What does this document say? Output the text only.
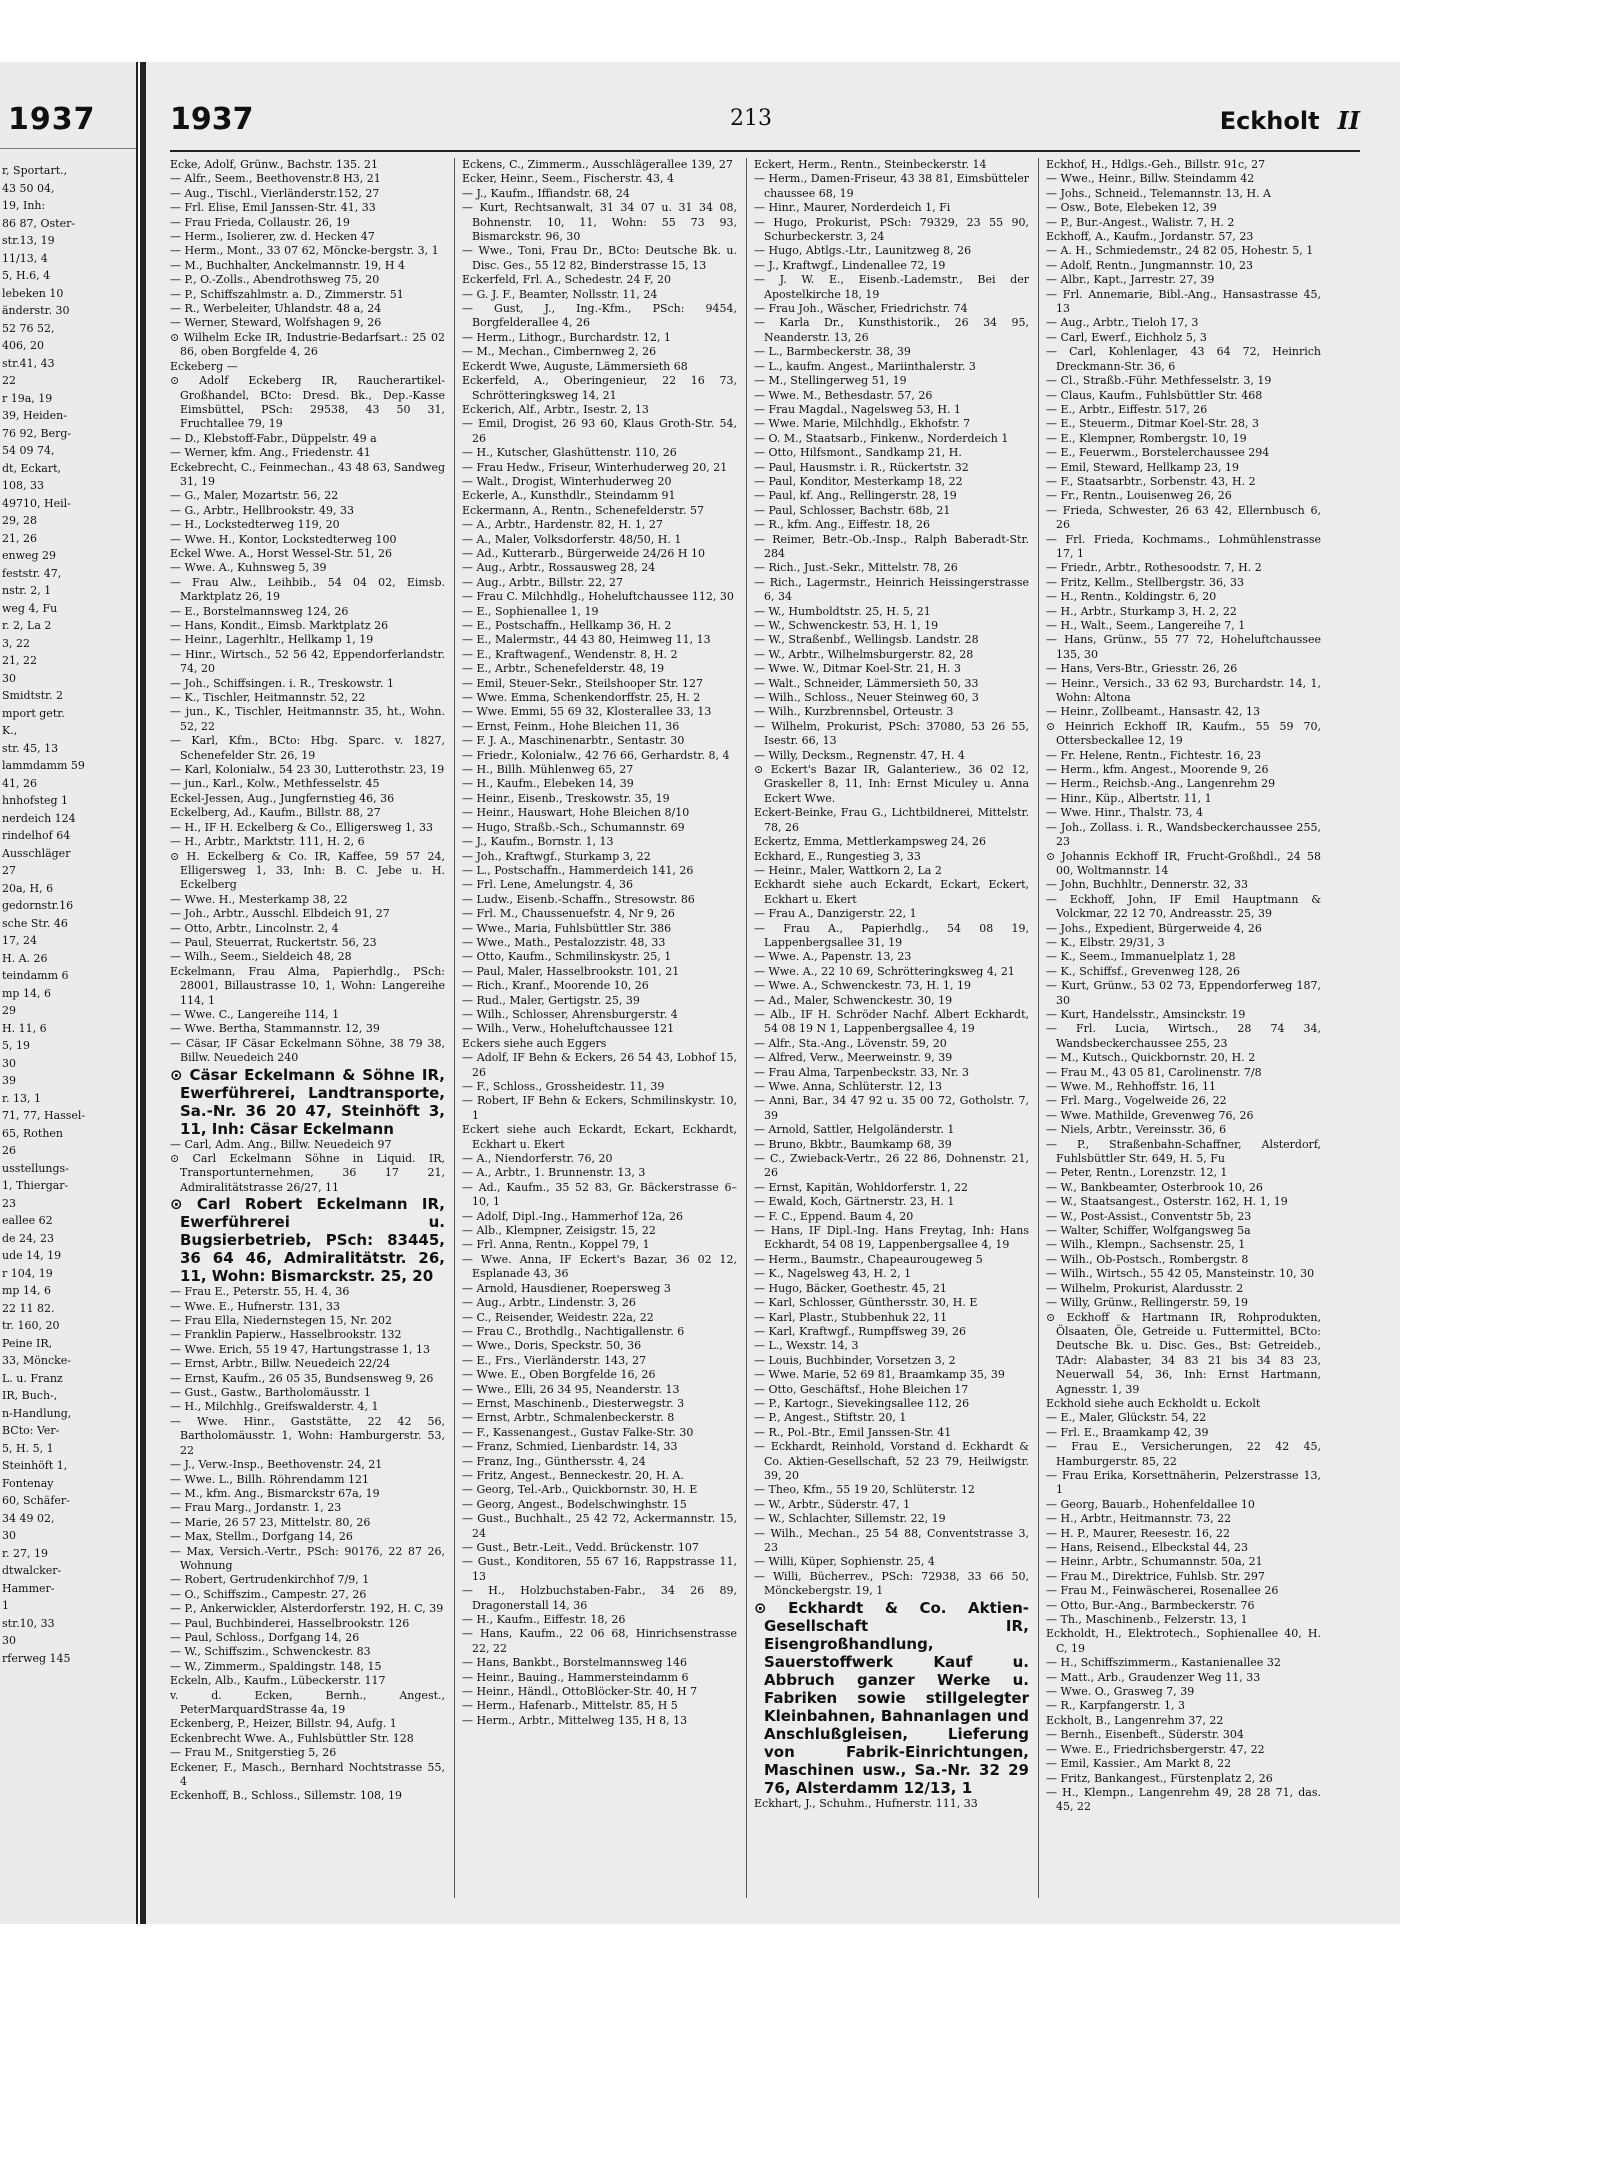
1937
r, Sportart.,
43 50 04,
19, Inh:
86 87, Oster-
str.13, 19
11/13, 4
5, H.6, 4
lebeken 10
änderstr. 30
52 76 52,
406, 20
str.41, 43
22
r 19a, 19
39, Heiden-
76 92, Berg-
54 09 74,
dt, Eckart,
108, 33
49710, Heil-
29, 28
21, 26
enweg 29
feststr. 47,
nstr. 2, 1
weg 4, Fu
r. 2, La 2
3, 22
21, 22
30
Smidtstr. 2
mport getr.
K.,
str. 45, 13
lammdamm 59
41, 26
hnhofsteg 1
nerdeich 124
rindelhof 64
Ausschläger
27
20a, H, 6
gedornstr.16
sche Str. 46
17, 24
H. A. 26
teindamm 6
mp 14, 6
29
H. 11, 6
5, 19
30
39
r. 13, 1
71, 77, Hassel-
65, Rothen
26
usstellungs-
1, Thiergar-
23
eallee 62
de 24, 23
ude 14, 19
r 104, 19
mp 14, 6
22 11 82.
tr. 160, 20
Peine IR,
33, Möncke-
L. u. Franz
IR, Buch-,
n-Handlung,
BCto: Ver-
5, H. 5, 1
Steinhöft 1,
Fontenay
60, Schäfer-
34 49 02,
30
r. 27, 19
dtwalcker-
Hammer-
1
str.10, 33
30
rferweg 145
1937	213	Eckholt II
Ecke, Adolf, Grünw., Bachstr. 135. 21
— Alfr., Seem., Beethovenstr.8 H3, 21
— Aug., Tischl., Vierländerstr.152, 27
— Frl. Elise, Emil Janssen-Str. 41, 33
— Frau Frieda, Collaustr. 26, 19
— Herm., Isolierer, zw. d. Hecken 47
— Herm., Mont., 33 07 62, Möncke-bergstr. 3, 1
— M., Buchhalter, Anckelmannstr. 19, H 4
— P., O.-Zolls., Abendrothsweg 75, 20
— P., Schiffszahlmstr. a. D., Zimmerstr. 51
— R., Werbeleiter, Uhlandstr. 48 a, 24
— Werner, Steward, Wolfshagen 9, 26
⊙ Wilhelm Ecke IR, Industrie-Bedarfsart.: 25 02 86, oben Borgfelde 4, 26
Eckeberg —
⊙ Adolf Eckeberg IR, Raucherartikel-Großhandel, BCto: Dresd. Bk., Dep.-Kasse Eimsbüttel, PSch: 29538, 43 50 31, Fruchtallee 79, 19
— D., Klebstoff-Fabr., Düppelstr. 49 a
— Werner, kfm. Ang., Friedenstr. 41
Eckebrecht, C., Feinmechan., 43 48 63, Sandweg 31, 19
— G., Maler, Mozartstr. 56, 22
— G., Arbtr., Hellbrookstr. 49, 33
— H., Lockstedterweg 119, 20
— Wwe. H., Kontor, Lockstedterweg 100
Eckel Wwe. A., Horst Wessel-Str. 51, 26
— Wwe. A., Kuhnsweg 5, 39
— Frau Alw., Leihbib., 54 04 02, Eimsb. Marktplatz 26, 19
— E., Borstelmannsweg 124, 26
— Hans, Kondit., Eimsb. Marktplatz 26
— Heinr., Lagerhltr., Hellkamp 1, 19
— Hinr., Wirtsch., 52 56 42, Eppendorferlandstr. 74, 20
— Joh., Schiffsingen. i. R., Treskowstr. 1
— K., Tischler, Heitmannstr. 52, 22
— jun., K., Tischler, Heitmannstr. 35, ht., Wohn. 52, 22
— Karl, Kfm., BCto: Hbg. Sparc. v. 1827, Schenefelder Str. 26, 19
— Karl, Kolonialw., 54 23 30, Lutterothstr. 23, 19
— jun., Karl., Kolw., Methfesselstr. 45
Eckel-Jessen, Aug., Jungfernstieg 46, 36
Eckelberg, Ad., Kaufm., Billstr. 88, 27
— H., IF H. Eckelberg & Co., Elligersweg 1, 33
— H., Arbtr., Marktstr. 111, H. 2, 6
⊙ H. Eckelberg & Co. IR, Kaffee, 59 57 24, Elligersweg 1, 33, Inh: B. C. Jebe u. H. Eckelberg
— Wwe. H., Mesterkamp 38, 22
— Joh., Arbtr., Ausschl. Elbdeich 91, 27
— Otto, Arbtr., Lincolnstr. 2, 4
— Paul, Steuerrat, Ruckertstr. 56, 23
— Wilh., Seem., Sieldeich 48, 28
Eckelmann, Frau Alma, Papierhdlg., PSch: 28001, Billaustrasse 10, 1, Wohn: Langereihe 114, 1
— Wwe. C., Langereihe 114, 1
— Wwe. Bertha, Stammannstr. 12, 39
— Cäsar, IF Cäsar Eckelmann Söhne, 38 79 38, Billw. Neuedeich 240
⊙ Cäsar Eckelmann & Söhne IR, Ewerführerei, Landtransporte, Sa.-Nr. 36 20 47, Steinhöft 3, 11, Inh: Cäsar Eckelmann
— Carl, Adm. Ang., Billw. Neuedeich 97
⊙ Carl Eckelmann Söhne in Liquid. IR, Transportunternehmen, 36 17 21, Admiralitätstrasse 26/27, 11
⊙ Carl Robert Eckelmann IR, Ewerführerei u. Bugsierbetrieb, PSch: 83445, 36 64 46, Admiralitätstr. 26, 11, Wohn: Bismarckstr. 25, 20
— Frau E., Peterstr. 55, H. 4, 36
— Wwe. E., Hufnerstr. 131, 33
— Frau Ella, Niedernstegen 15, Nr. 202
— Franklin Papierw., Hasselbrookstr. 132
— Wwe. Erich, 55 19 47, Hartungstrasse 1, 13
— Ernst, Arbtr., Billw. Neuedeich 22/24
— Ernst, Kaufm., 26 05 35, Bundsensweg 9, 26
— Gust., Gastw., Bartholomäusstr. 1
— H., Milchhlg., Greifswalderstr. 4, 1
— Wwe. Hinr., Gaststätte, 22 42 56, Bartholomäusstr. 1, Wohn: Hamburgerstr. 53, 22
— J., Verw.-Insp., Beethovenstr. 24, 21
— Wwe. L., Billh. Röhrendamm 121
— M., kfm. Ang., Bismarckstr 67a, 19
— Frau Marg., Jordanstr. 1, 23
— Marie, 26 57 23, Mittelstr. 80, 26
— Max, Stellm., Dorfgang 14, 26
— Max, Versich.-Vertr., PSch: 90176, 22 87 26, Wohnung
— Robert, Gertrudenkirchhof 7/9, 1
— O., Schiffszim., Campestr. 27, 26
— P., Ankerwickler, Alsterdorferstr. 192, H. C, 39
— Paul, Buchbinderei, Hasselbrookstr. 126
— Paul, Schloss., Dorfgang 14, 26
— W., Schiffszim., Schwenckestr. 83
— W., Zimmerm., Spaldingstr. 148, 15
Eckeln, Alb., Kaufm., Lübeckerstr. 117
v. d. Ecken, Bernh., Angest., PeterMarquardStrasse 4a, 19
Eckenberg, P., Heizer, Billstr. 94, Aufg. 1
Eckenbrecht Wwe. A., Fuhlsbüttler Str. 128
— Frau M., Snitgerstieg 5, 26
Eckener, F., Masch., Bernhard Nochtstrasse 55, 4
Eckenhoff, B., Schloss., Sillemstr. 108, 19
Eckens, C., Zimmerm., Ausschlägerallee 139, 27
Ecker, Heinr., Seem., Fischerstr. 43, 4
— J., Kaufm., Iffiandstr. 68, 24
— Kurt, Rechtsanwalt, 31 34 07 u. 31 34 08, Bohnenstr. 10, 11, Wohn: 55 73 93, Bismarckstr. 96, 30
— Wwe., Toni, Frau Dr., BCto: Deutsche Bk. u. Disc. Ges., 55 12 82, Binderstrasse 15, 13
Eckerfeld, Frl. A., Schedestr. 24 F, 20
— G. J. F., Beamter, Nollsstr. 11, 24
— Gust, J., Ing.-Kfm., PSch: 9454, Borgfelderallee 4, 26
— Herm., Lithogr., Burchardstr. 12, 1
— M., Mechan., Cimbernweg 2, 26
Eckerdt Wwe, Auguste, Lämmersieth 68
Eckerfeld, A., Oberingenieur, 22 16 73, Schrötteringksweg 14, 21
Eckerich, Alf., Arbtr., Isestr. 2, 13
— Emil, Drogist, 26 93 60, Klaus Groth-Str. 54, 26
— H., Kutscher, Glashüttenstr. 110, 26
— Frau Hedw., Friseur, Winterhuderweg 20, 21
— Walt., Drogist, Winterhuderweg 20
Eckerle, A., Kunsthdlr., Steindamm 91
Eckermann, A., Rentn., Schenefelderstr. 57
— A., Arbtr., Hardenstr. 82, H. 1, 27
— A., Maler, Volksdorferstr. 48/50, H. 1
— Ad., Kutterarb., Bürgerweide 24/26 H 10
— Aug., Arbtr., Rossausweg 28, 24
— Aug., Arbtr., Billstr. 22, 27
— Frau C. Milchhdlg., Hoheluftchaussee 112, 30
— E., Sophienallee 1, 19
— E., Postschaffn., Hellkamp 36, H. 2
— E., Malermstr., 44 43 80, Heimweg 11, 13
— E., Kraftwagenf., Wendenstr. 8, H. 2
— E., Arbtr., Schenefelderstr. 48, 19
— Emil, Steuer-Sekr., Steilshooper Str. 127
— Wwe. Emma, Schenkendorffstr. 25, H. 2
— Wwe. Emmi, 55 69 32, Klosterallee 33, 13
— Ernst, Feinm., Hohe Bleichen 11, 36
— F. J. A., Maschinenarbtr., Sentastr. 30
— Friedr., Kolonialw., 42 76 66, Gerhardstr. 8, 4
— H., Billh. Mühlenweg 65, 27
— H., Kaufm., Elebeken 14, 39
— Heinr., Eisenb., Treskowstr. 35, 19
— Heinr., Hauswart, Hohe Bleichen 8/10
— Hugo, Straßb.-Sch., Schumannstr. 69
— J., Kaufm., Bornstr. 1, 13
— Joh., Kraftwgf., Sturkamp 3, 22
— L., Postschaffn., Hammerdeich 141, 26
— Frl. Lene, Amelungstr. 4, 36
— Ludw., Eisenb.-Schaffn., Stresowstr. 86
— Frl. M., Chaussenuefstr. 4, Nr 9, 26
— Wwe., Maria, Fuhlsbüttler Str. 386
— Wwe., Math., Pestalozzistr. 48, 33
— Otto, Kaufm., Schmilinskystr. 25, 1
— Paul, Maler, Hasselbrookstr. 101, 21
— Rich., Kranf., Moorende 10, 26
— Rud., Maler, Gertigstr. 25, 39
— Wilh., Schlosser, Ahrensburgerstr. 4
— Wilh., Verw., Hoheluftchaussee 121
Eckers siehe auch Eggers
— Adolf, IF Behn & Eckers, 26 54 43, Lobhof 15, 26
— F., Schloss., Grossheidestr. 11, 39
— Robert, IF Behn & Eckers, Schmilinskystr. 10, 1
Eckert siehe auch Eckardt, Eckart, Eckhardt, Eckhart u. Ekert
— A., Niendorferstr. 76, 20
— A., Arbtr., 1. Brunnenstr. 13, 3
— Ad., Kaufm., 35 52 83, Gr. Bäckerstrasse 6–10, 1
— Adolf, Dipl.-Ing., Hammerhof 12a, 26
— Alb., Klempner, Zeisigstr. 15, 22
— Frl. Anna, Rentn., Koppel 79, 1
— Wwe. Anna, IF Eckert's Bazar, 36 02 12, Esplanade 43, 36
— Arnold, Hausdiener, Roepersweg 3
— Aug., Arbtr., Lindenstr. 3, 26
— C., Reisender, Weidestr. 22a, 22
— Frau C., Brothdlg., Nachtigallenstr. 6
— Wwe., Doris, Speckstr. 50, 36
— E., Frs., Vierländerstr. 143, 27
— Wwe. E., Oben Borgfelde 16, 26
— Wwe., Elli, 26 34 95, Neanderstr. 13
— Ernst, Maschinenb., Diesterwegstr. 3
— Ernst, Arbtr., Schmalenbeckerstr. 8
— F., Kassenangest., Gustav Falke-Str. 30
— Franz, Schmied, Lienbardstr. 14, 33
— Franz, Ing., Günthersstr. 4, 24
— Fritz, Angest., Benneckestr. 20, H. A.
— Georg, Tel.-Arb., Quickbornstr. 30, H. E
— Georg, Angest., Bodelschwinghstr. 15
— Gust., Buchhalt., 25 42 72, Ackermannstr. 15, 24
— Gust., Betr.-Leit., Vedd. Brückenstr. 107
— Gust., Konditoren, 55 67 16, Rappstrasse 11, 13
— H., Holzbuchstaben-Fabr., 34 26 89, Dragonerstall 14, 36
— H., Kaufm., Eiffestr. 18, 26
— Hans, Kaufm., 22 06 68, Hinrichsenstrasse 22, 22
— Hans, Bankbt., Borstelmannsweg 146
— Heinr., Bauing., Hammersteindamm 6
— Heinr., Händl., OttoBlöcker-Str. 40, H 7
— Herm., Hafenarb., Mittelstr. 85, H 5
— Herm., Arbtr., Mittelweg 135, H 8, 13
Eckert, Herm., Rentn., Steinbeckerstr. 14
— Herm., Damen-Friseur, 43 38 81, Eimsbütteler chaussee 68, 19
— Hinr., Maurer, Norderdeich 1, Fi
— Hugo, Prokurist, PSch: 79329, 23 55 90, Schurbeckerstr. 3, 24
— Hugo, Abtlgs.-Ltr., Launitzweg 8, 26
— J., Kraftwgf., Lindenallee 72, 19
— J. W. E., Eisenb.-Lademstr., Bei der Apostelkirche 18, 19
— Frau Joh., Wäscher, Friedrichstr. 74
— Karla Dr., Kunsthistorik., 26 34 95, Neanderstr. 13, 26
— L., Barmbeckerstr. 38, 39
— L., kaufm. Angest., Mariinthalerstr. 3
— M., Stellingerweg 51, 19
— Wwe. M., Bethesdastr. 57, 26
— Frau Magdal., Nagelsweg 53, H. 1
— Wwe. Marie, Milchhdlg., Ekhofstr. 7
— O. M., Staatsarb., Finkenw., Norderdeich 1
— Otto, Hilfsmont., Sandkamp 21, H.
— Paul, Hausmstr. i. R., Rückertstr. 32
— Paul, Konditor, Mesterkamp 18, 22
— Paul, kf. Ang., Rellingerstr. 28, 19
— Paul, Schlosser, Bachstr. 68b, 21
— R., kfm. Ang., Eiffestr. 18, 26
— Reimer, Betr.-Ob.-Insp., Ralph Baberadt-Str. 284
— Rich., Just.-Sekr., Mittelstr. 78, 26
— Rich., Lagermstr., Heinrich Heissingerstrasse 6, 34
— W., Humboldtstr. 25, H. 5, 21
— W., Schwenckestr. 53, H. 1, 19
— W., Straßenbf., Wellingsb. Landstr. 28
— W., Arbtr., Wilhelmsburgerstr. 82, 28
— Wwe. W., Ditmar Koel-Str. 21, H. 3
— Walt., Schneider, Lämmersieth 50, 33
— Wilh., Schloss., Neuer Steinweg 60, 3
— Wilh., Kurzbrennsbel, Orteustr. 3
— Wilhelm, Prokurist, PSch: 37080, 53 26 55, Isestr. 66, 13
— Willy, Decksm., Regnenstr. 47, H. 4
⊙ Eckert's Bazar IR, Galanteriew., 36 02 12, Graskeller 8, 11, Inh: Ernst Miculey u. Anna Eckert Wwe.
Eckert-Beinke, Frau G., Lichtbildnerei, Mittelstr. 78, 26
Eckertz, Emma, Mettlerkampsweg 24, 26
Eckhard, E., Rungestieg 3, 33
— Heinr., Maler, Wattkorn 2, La 2
Eckhardt siehe auch Eckardt, Eckart, Eckert, Eckhart u. Ekert
— Frau A., Danzigerstr. 22, 1
— Frau A., Papierhdlg., 54 08 19, Lappenbergsallee 31, 19
— Wwe. A., Papenstr. 13, 23
— Wwe. A., 22 10 69, Schrötteringksweg 4, 21
— Wwe. A., Schwenckestr. 73, H. 1, 19
— Ad., Maler, Schwenckestr. 30, 19
— Alb., IF H. Schröder Nachf. Albert Eckhardt, 54 08 19 N 1, Lappenbergsallee 4, 19
— Alfr., Sta.-Ang., Lövenstr. 59, 20
— Alfred, Verw., Meerweinstr. 9, 39
— Frau Alma, Tarpenbeckstr. 33, Nr. 3
— Wwe. Anna, Schlüterstr. 12, 13
— Anni, Bar., 34 47 92 u. 35 00 72, Gotholstr. 7, 39
— Arnold, Sattler, Helgoländerstr. 1
— Bruno, Bkbtr., Baumkamp 68, 39
— C., Zwieback-Vertr., 26 22 86, Dohnenstr. 21, 26
— Ernst, Kapitän, Wohldorferstr. 1, 22
— Ewald, Koch, Gärtnerstr. 23, H. 1
— F. C., Eppend. Baum 4, 20
— Hans, IF Dipl.-Ing. Hans Freytag, Inh: Hans Eckhardt, 54 08 19, Lappenbergsallee 4, 19
— Herm., Baumstr., Chapeaurougeweg 5
— K., Nagelsweg 43, H. 2, 1
— Hugo, Bäcker, Goethestr. 45, 21
— Karl, Schlosser, Günthersstr. 30, H. E
— Karl, Plastr., Stubbenhuk 22, 11
— Karl, Kraftwgf., Rumpffsweg 39, 26
— L., Wexstr. 14, 3
— Louis, Buchbinder, Vorsetzen 3, 2
— Wwe. Marie, 52 69 81, Braamkamp 35, 39
— Otto, Geschäftsf., Hohe Bleichen 17
— P., Kartogr., Sievekingsallee 112, 26
— P., Angest., Stiftstr. 20, 1
— R., Pol.-Btr., Emil Janssen-Str. 41
— Eckhardt, Reinhold, Vorstand d. Eckhardt & Co. Aktien-Gesellschaft, 52 23 79, Heilwigstr. 39, 20
— Theo, Kfm., 55 19 20, Schlüterstr. 12
— W., Arbtr., Süderstr. 47, 1
— W., Schlachter, Sillemstr. 22, 19
— Wilh., Mechan., 25 54 88, Conventstrasse 3, 23
— Willi, Küper, Sophienstr. 25, 4
— Willi, Bücherrev., PSch: 72938, 33 66 50, Mönckebergstr. 19, 1
⊙ Eckhardt & Co. Aktien-Gesellschaft IR, Eisengroßhandlung, Sauerstoffwerk Kauf u. Abbruch ganzer Werke u. Fabriken sowie stillgelegter Kleinbahnen, Bahnanlagen und Anschlußgleisen, Lieferung von Fabrik-Einrichtungen, Maschinen usw., Sa.-Nr. 32 29 76, Alsterdamm 12/13, 1
Eckhart, J., Schuhm., Hufnerstr. 111, 33
Eckhof, H., Hdlgs.-Geh., Billstr. 91c, 27
— Wwe., Heinr., Billw. Steindamm 42
— Johs., Schneid., Telemannstr. 13, H. A
— Osw., Bote, Elebeken 12, 39
— P., Bur.-Angest., Walistr. 7, H. 2
Eckhoff, A., Kaufm., Jordanstr. 57, 23
— A. H., Schmiedemstr., 24 82 05, Hohestr. 5, 1
— Adolf, Rentn., Jungmannstr. 10, 23
— Albr., Kapt., Jarrestr. 27, 39
— Frl. Annemarie, Bibl.-Ang., Hansastrasse 45, 13
— Aug., Arbtr., Tieloh 17, 3
— Carl, Ewerf., Eichholz 5, 3
— Carl, Kohlenlager, 43 64 72, Heinrich Dreckmann-Str. 36, 6
— Cl., Straßb.-Führ. Methfesselstr. 3, 19
— Claus, Kaufm., Fuhlsbüttler Str. 468
— E., Arbtr., Eiffestr. 517, 26
— E., Steuerm., Ditmar Koel-Str. 28, 3
— E., Klempner, Rombergstr. 10, 19
— E., Feuerwm., Borstelerchaussee 294
— Emil, Steward, Hellkamp 23, 19
— F., Staatsarbtr., Sorbenstr. 43, H. 2
— Fr., Rentn., Louisenweg 26, 26
— Frieda, Schwester, 26 63 42, Ellernbusch 6, 26
— Frl. Frieda, Kochmams., Lohmühlenstrasse 17, 1
— Friedr., Arbtr., Rothesoodstr. 7, H. 2
— Fritz, Kellm., Stellbergstr. 36, 33
— H., Rentn., Koldingstr. 6, 20
— H., Arbtr., Sturkamp 3, H. 2, 22
— H., Walt., Seem., Langereihe 7, 1
— Hans, Grünw., 55 77 72, Hoheluftchaussee 135, 30
— Hans, Vers-Btr., Griesstr. 26, 26
— Heinr., Versich., 33 62 93, Burchardstr. 14, 1, Wohn: Altona
— Heinr., Zollbeamt., Hansastr. 42, 13
⊙ Heinrich Eckhoff IR, Kaufm., 55 59 70, Ottersbeckallee 12, 19
— Fr. Helene, Rentn., Fichtestr. 16, 23
— Herm., kfm. Angest., Moorende 9, 26
— Herm., Reichsb.-Ang., Langenrehm 29
— Hinr., Küp., Albertstr. 11, 1
— Wwe. Hinr., Thalstr. 73, 4
— Joh., Zollass. i. R., Wandsbeckerchaussee 255, 23
⊙ Johannis Eckhoff IR, Frucht-Großhdl., 24 58 00, Woltmannstr. 14
— John, Buchhltr., Dennerstr. 32, 33
— Eckhoff, John, IF Emil Hauptmann & Volckmar, 22 12 70, Andreasstr. 25, 39
— Johs., Expedient, Bürgerweide 4, 26
— K., Elbstr. 29/31, 3
— K., Seem., Immanuelplatz 1, 28
— K., Schiffsf., Grevenweg 128, 26
— Kurt, Grünw., 53 02 73, Eppendorferweg 187, 30
— Kurt, Handelsstr., Amsinckstr. 19
— Frl. Lucia, Wirtsch., 28 74 34, Wandsbeckerchaussee 255, 23
— M., Kutsch., Quickbornstr. 20, H. 2
— Frau M., 43 05 81, Carolinenstr. 7/8
— Wwe. M., Rehhoffstr. 16, 11
— Frl. Marg., Vogelweide 26, 22
— Wwe. Mathilde, Grevenweg 76, 26
— Niels, Arbtr., Vereinsstr. 36, 6
— P., Straßenbahn-Schaffner, Alsterdorf, Fuhlsbüttler Str. 649, H. 5, Fu
— Peter, Rentn., Lorenzstr. 12, 1
— W., Bankbeamter, Osterbrook 10, 26
— W., Staatsangest., Osterstr. 162, H. 1, 19
— W., Post-Assist., Conventstr 5b, 23
— Walter, Schiffer, Wolfgangsweg 5a
— Wilh., Klempn., Sachsenstr. 25, 1
— Wilh., Ob-Postsch., Rombergstr. 8
— Wilh., Wirtsch., 55 42 05, Mansteinstr. 10, 30
— Wilhelm, Prokurist, Alardusstr. 2
— Willy, Grünw., Rellingerstr. 59, 19
⊙ Eckhoff & Hartmann IR, Rohprodukten, Ölsaaten, Öle, Getreide u. Futtermittel, BCto: Deutsche Bk. u. Disc. Ges., Bst: Getreideb., TAdr: Alabaster, 34 83 21 bis 34 83 23, Neuerwall 54, 36, Inh: Ernst Hartmann, Agnesstr. 1, 39
Eckhold siehe auch Eckholdt u. Eckolt
— E., Maler, Glückstr. 54, 22
— Frl. E., Braamkamp 42, 39
— Frau E., Versicherungen, 22 42 45, Hamburgerstr. 85, 22
— Frau Erika, Korsettnäherin, Pelzerstrasse 13, 1
— Georg, Bauarb., Hohenfeldallee 10
— H., Arbtr., Heitmannstr. 73, 22
— H. P., Maurer, Reesestr. 16, 22
— Hans, Reisend., Elbeckstal 44, 23
— Heinr., Arbtr., Schumannstr. 50a, 21
— Frau M., Direktrice, Fuhlsb. Str. 297
— Frau M., Feinwäscherei, Rosenallee 26
— Otto, Bur.-Ang., Barmbeckerstr. 76
— Th., Maschinenb., Felzerstr. 13, 1
Eckholdt, H., Elektrotech., Sophienallee 40, H. C, 19
— H., Schiffszimmerm., Kastanienallee 32
— Matt., Arb., Graudenzer Weg 11, 33
— Wwe. O., Grasweg 7, 39
— R., Karpfangerstr. 1, 3
Eckholt, B., Langenrehm 37, 22
— Bernh., Eisenbeft., Süderstr. 304
— Wwe. E., Friedrichsbergerstr. 47, 22
— Emil, Kassier., Am Markt 8, 22
— Fritz, Bankangest., Fürstenplatz 2, 26
— H., Klempn., Langenrehm 49, 28 28 71, das. 45, 22
